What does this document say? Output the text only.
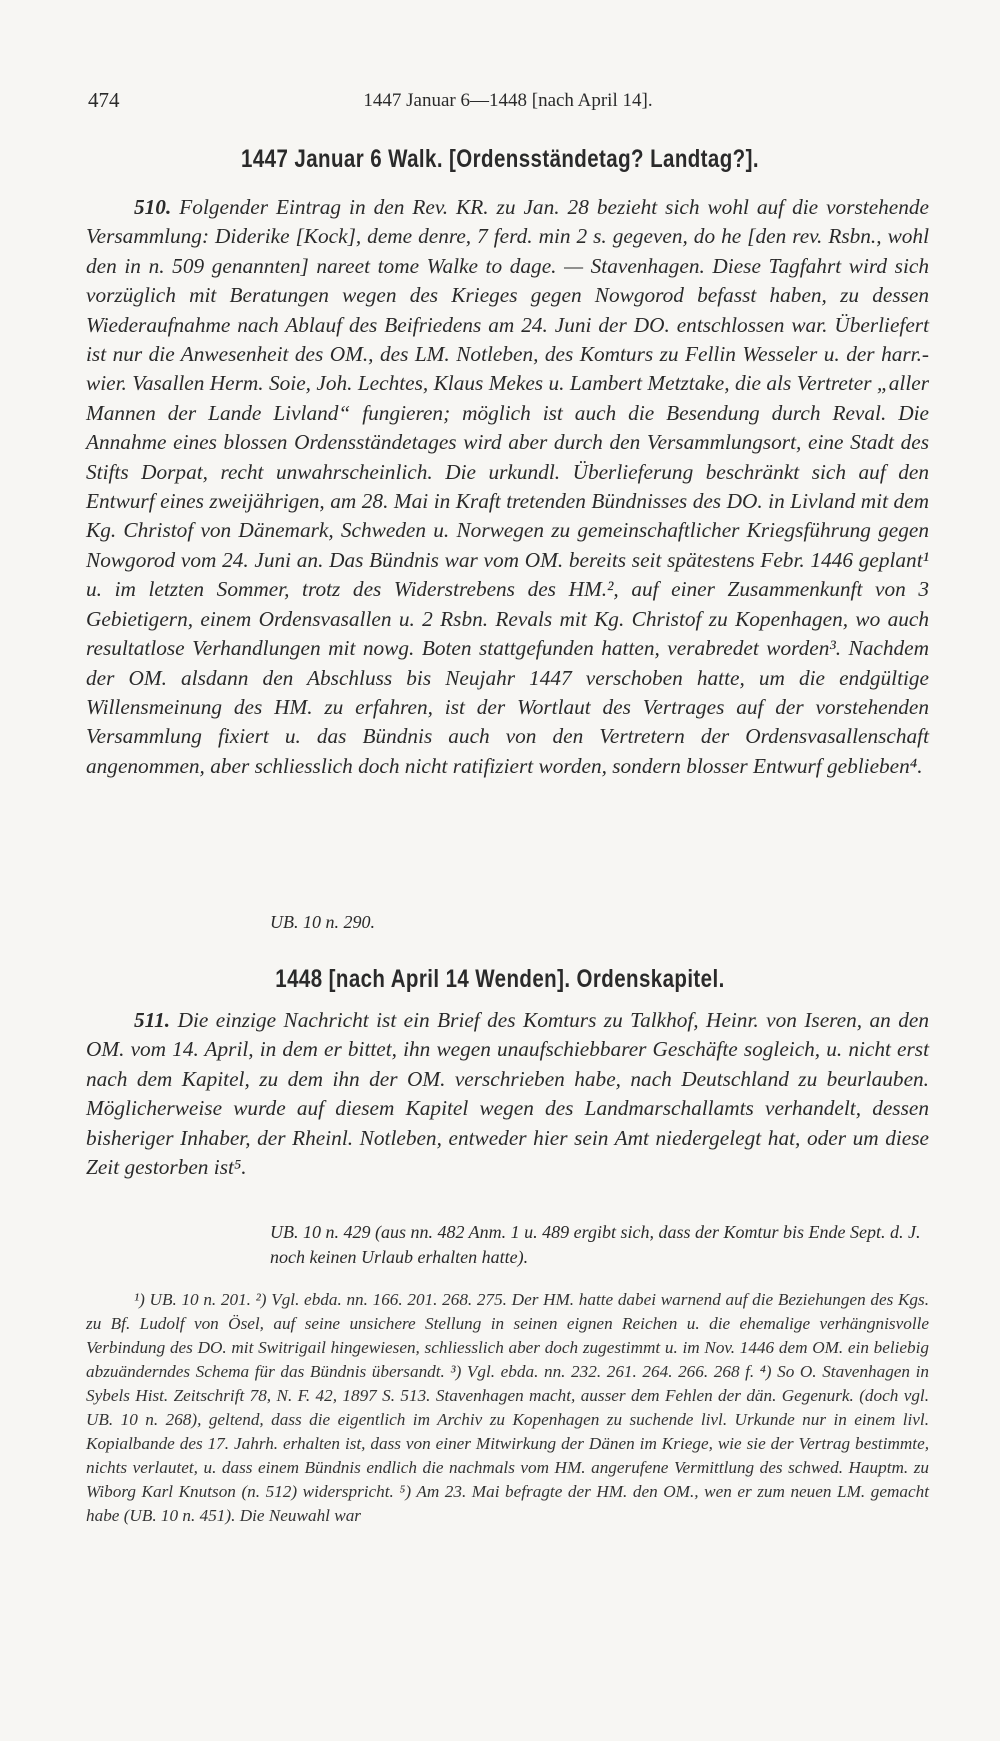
474	1447 Januar 6—1448 [nach April 14].
1447 Januar 6 Walk. [Ordensständetag? Landtag?].
510. Folgender Eintrag in den Rev. KR. zu Jan. 28 bezieht sich wohl auf die vorstehende Versammlung: Diderike [Kock], deme denre, 7 ferd. min 2 s. gegeven, do he [den rev. Rsbn., wohl den in n. 509 genannten] nareet tome Walke to dage. — Stavenhagen. Diese Tagfahrt wird sich vorzüglich mit Beratungen wegen des Krieges gegen Nowgorod befasst haben, zu dessen Wiederaufnahme nach Ablauf des Beifriedens am 24. Juni der DO. entschlossen war. Überliefert ist nur die Anwesenheit des OM., des LM. Notleben, des Komturs zu Fellin Wesseler u. der harr.-wier. Vasallen Herm. Soie, Joh. Lechtes, Klaus Mekes u. Lambert Metztake, die als Vertreter „aller Mannen der Lande Livland“ fungieren; möglich ist auch die Besendung durch Reval. Die Annahme eines blossen Ordensständetages wird aber durch den Versammlungsort, eine Stadt des Stifts Dorpat, recht unwahrscheinlich. Die urkundl. Überlieferung beschränkt sich auf den Entwurf eines zweijährigen, am 28. Mai in Kraft tretenden Bündnisses des DO. in Livland mit dem Kg. Christof von Dänemark, Schweden u. Norwegen zu gemeinschaftlicher Kriegsführung gegen Nowgorod vom 24. Juni an. Das Bündnis war vom OM. bereits seit spätestens Febr. 1446 geplant¹ u. im letzten Sommer, trotz des Widerstrebens des HM.², auf einer Zusammenkunft von 3 Gebietigern, einem Ordensvasallen u. 2 Rsbn. Revals mit Kg. Christof zu Kopenhagen, wo auch resultatlose Verhandlungen mit nowg. Boten stattgefunden hatten, verabredet worden³. Nachdem der OM. alsdann den Abschluss bis Neujahr 1447 verschoben hatte, um die endgültige Willensmeinung des HM. zu erfahren, ist der Wortlaut des Vertrages auf der vorstehenden Versammlung fixiert u. das Bündnis auch von den Vertretern der Ordensvasallenschaft angenommen, aber schliesslich doch nicht ratifiziert worden, sondern blosser Entwurf geblieben⁴.
UB. 10 n. 290.
1448 [nach April 14 Wenden]. Ordenskapitel.
511. Die einzige Nachricht ist ein Brief des Komturs zu Talkhof, Heinr. von Iseren, an den OM. vom 14. April, in dem er bittet, ihn wegen unaufschiebbarer Geschäfte sogleich, u. nicht erst nach dem Kapitel, zu dem ihn der OM. verschrieben habe, nach Deutschland zu beurlauben. Möglicherweise wurde auf diesem Kapitel wegen des Landmarschallamts verhandelt, dessen bisheriger Inhaber, der Rheinl. Notleben, entweder hier sein Amt niedergelegt hat, oder um diese Zeit gestorben ist⁵.
UB. 10 n. 429 (aus nn. 482 Anm. 1 u. 489 ergibt sich, dass der Komtur bis Ende Sept. d. J. noch keinen Urlaub erhalten hatte).
¹) UB. 10 n. 201. ²) Vgl. ebda. nn. 166. 201. 268. 275. Der HM. hatte dabei warnend auf die Beziehungen des Kgs. zu Bf. Ludolf von Ösel, auf seine unsichere Stellung in seinen eignen Reichen u. die ehemalige verhängnisvolle Verbindung des DO. mit Switrigail hingewiesen, schliesslich aber doch zugestimmt u. im Nov. 1446 dem OM. ein beliebig abzuänderndes Schema für das Bündnis übersandt. ³) Vgl. ebda. nn. 232. 261. 264. 266. 268 f. ⁴) So O. Stavenhagen in Sybels Hist. Zeitschrift 78, N. F. 42, 1897 S. 513. Stavenhagen macht, ausser dem Fehlen der dän. Gegenurk. (doch vgl. UB. 10 n. 268), geltend, dass die eigentlich im Archiv zu Kopenhagen zu suchende livl. Urkunde nur in einem livl. Kopialbande des 17. Jahrh. erhalten ist, dass von einer Mitwirkung der Dänen im Kriege, wie sie der Vertrag bestimmte, nichts verlautet, u. dass einem Bündnis endlich die nachmals vom HM. angerufene Vermittlung des schwed. Hauptm. zu Wiborg Karl Knutson (n. 512) widerspricht. ⁵) Am 23. Mai befragte der HM. den OM., wen er zum neuen LM. gemacht habe (UB. 10 n. 451). Die Neuwahl war
